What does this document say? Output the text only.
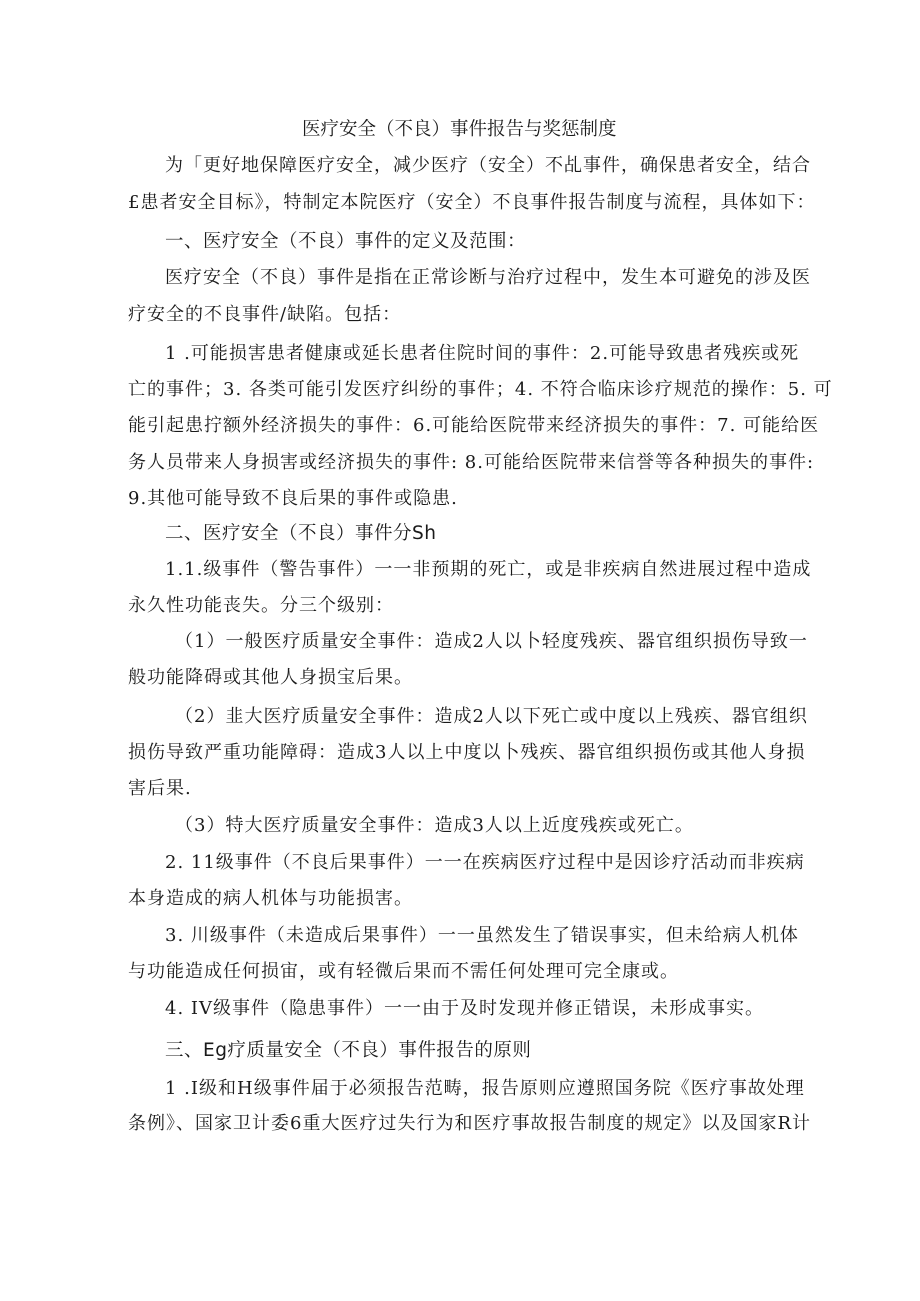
医疗安全（不良）事件报告与奖惩制度
为「更好地保障医疗安全，减少医疗（安全）不乩事件，确保患者安全，结合
£患者安全目标》，特制定本院医疗（安全）不良事件报告制度与流程，具体如下：
一、医疗安全（不良）事件的定义及范围：
医疗安全（不良）事件是指在正常诊断与治疗过程中，发生本可避免的涉及医
疗安全的不良事件/缺陷。包括：
1 .可能损害患者健康或延长患者住院时间的事件：2.可能导致患者残疾或死
亡的事件；3. 各类可能引发医疗纠纷的事件；4. 不符合临床诊疗规范的操作：5. 可
能引起患拧额外经济损失的事件：6.可能给医院带来经济损失的事件：7. 可能给医
务人员带来人身损害或经济损失的事件: 8.可能给医院带来信誉等各种损失的事件:
9.其他可能导致不良后果的事件或隐患.
二、医疗安全（不良）事件分Sh
1.1.级事件（警告事件）一一非预期的死亡，或是非疾病自然进展过程中造成
永久性功能丧失。分三个级别：
（1）一般医疗质量安全事件：造成2人以卜轻度残疾、器官组织损伤导致一
般功能降碍或其他人身损宝后果。
（2）韭大医疗质量安全事件：造成2人以下死亡或中度以上残疾、器官组织
损伤导致严重功能障碍：造成3人以上中度以卜残疾、器官组织损伤或其他人身损
害后果.
（3）特大医疗质量安全事件：造成3人以上近度残疾或死亡。
2. 11级事件（不良后果事件）一一在疾病医疗过程中是因诊疗活动而非疾病
本身造成的病人机体与功能损害。
3. 川级事件（未造成后果事件）一一虽然发生了错误事实，但未给病人机体
与功能造成任何损宙，或有轻微后果而不需任何处理可完全康或。
4. IV级事件（隐患事件）一一由于及时发现并修正错误，未形成事实。
三、Eg疗质量安全（不良）事件报告的原则
1 .I级和H级事件届于必须报告范畴，报告原则应遵照国务院《医疗事故处理
条例》、国家卫计委6重大医疗过失行为和医疗事故报告制度的规定》以及国家R计
